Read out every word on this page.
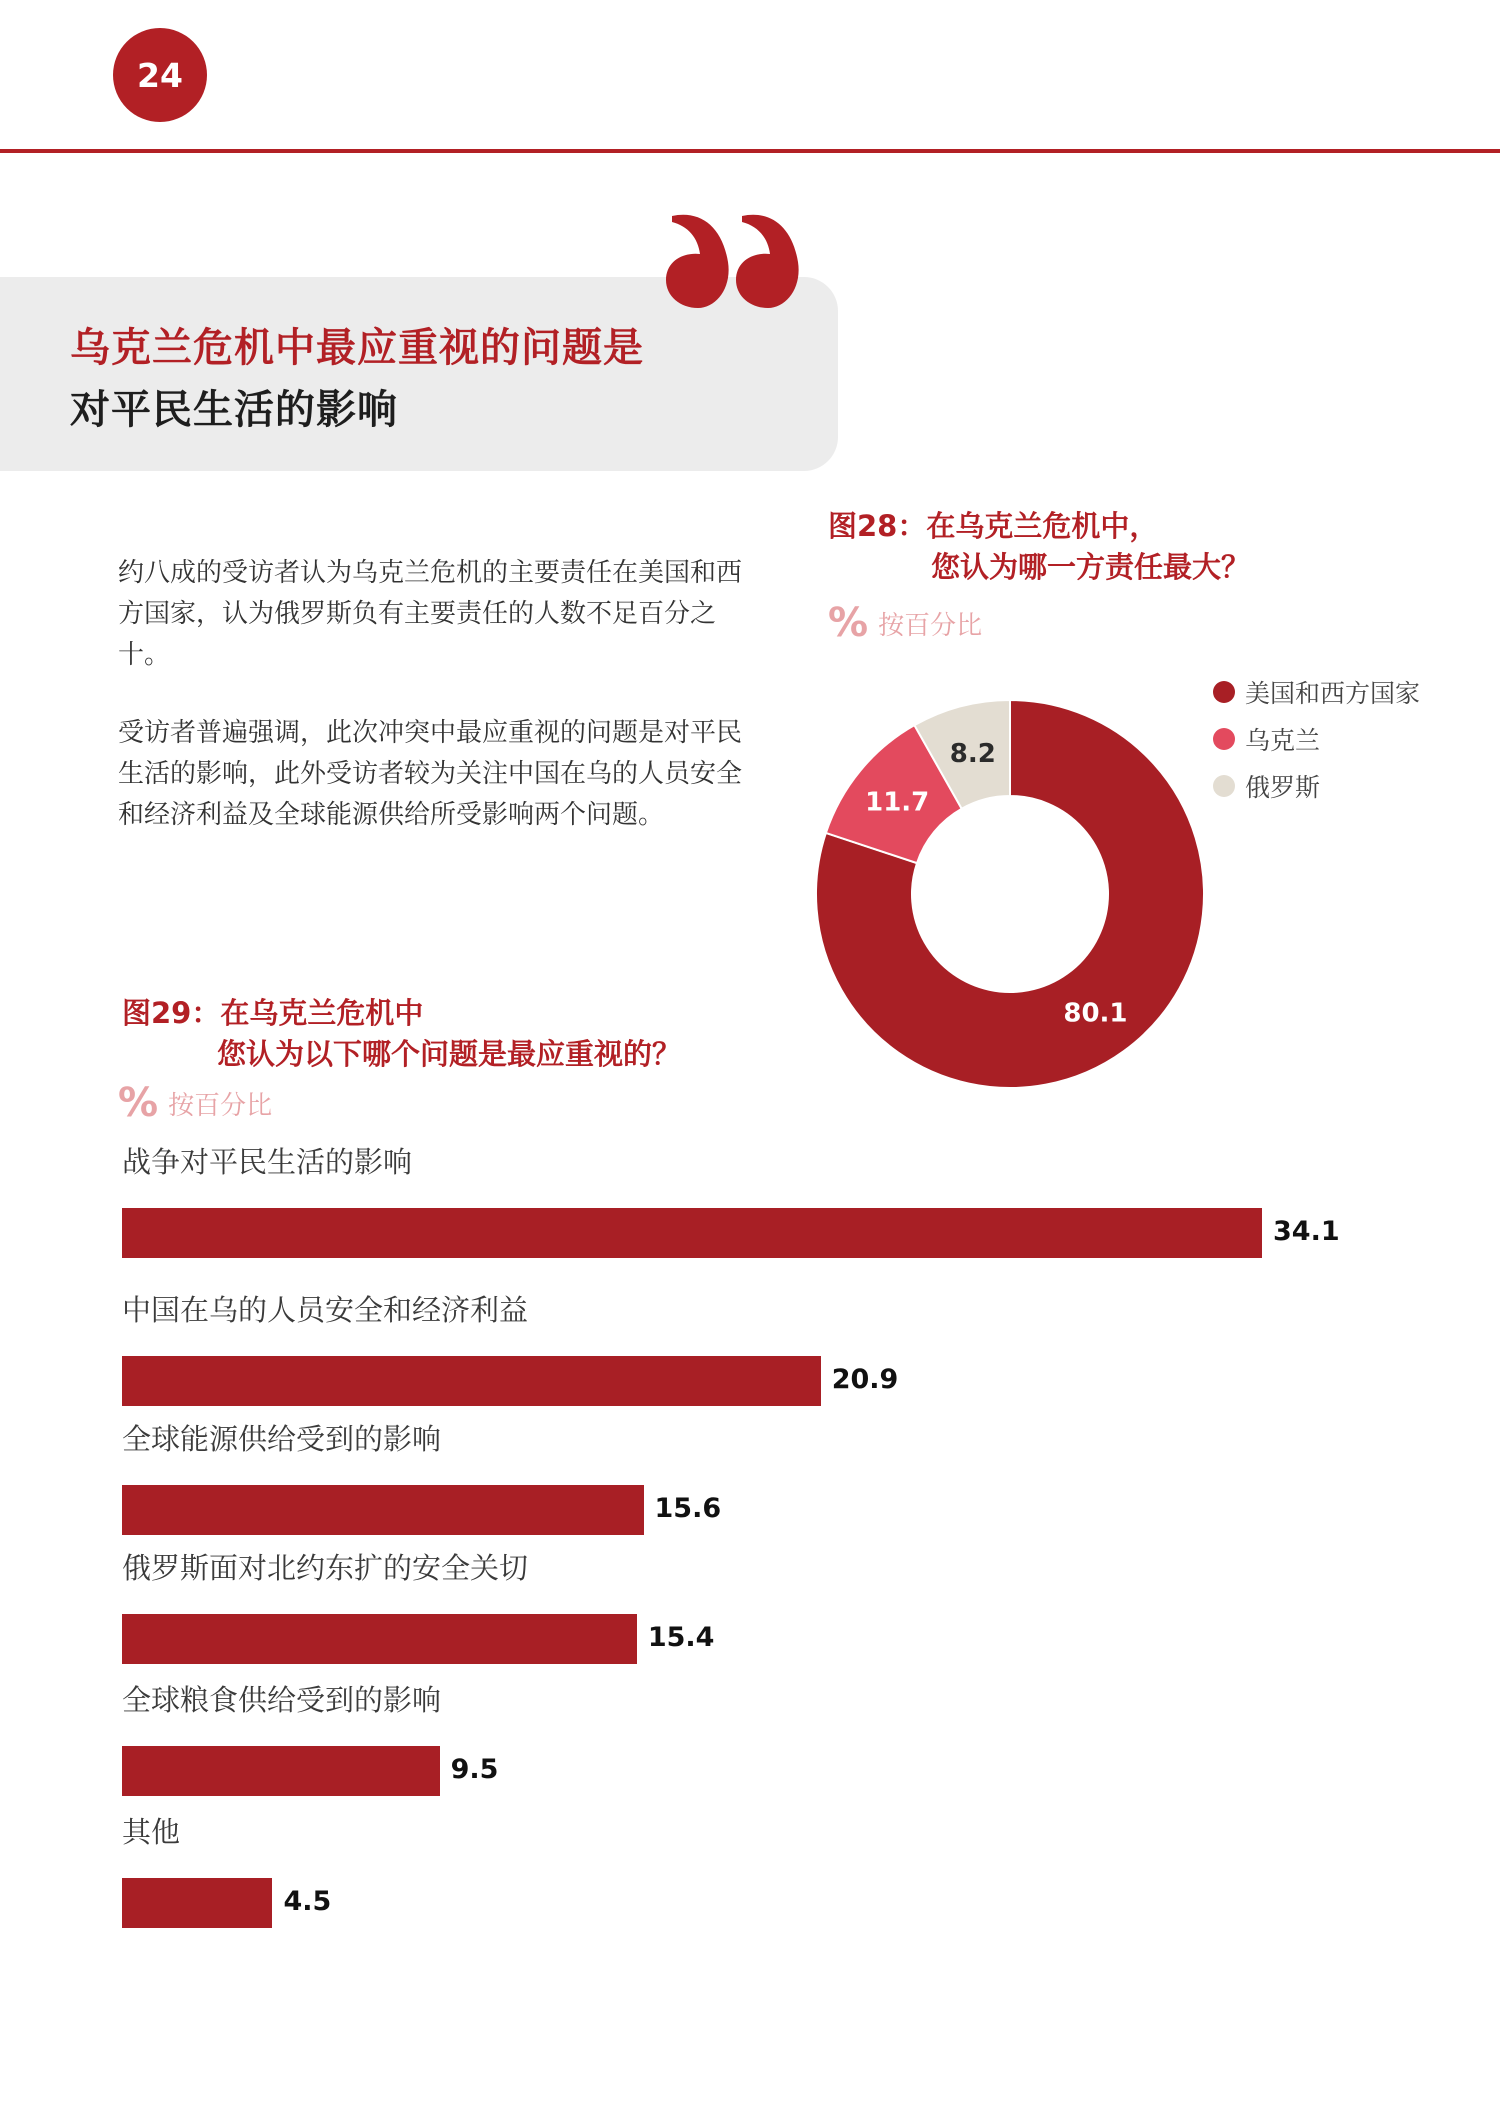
24
乌克兰危机中最应重视的问题是
对平民生活的影响
约八成的受访者认为乌克兰危机的主要责任在美国和西方国家，认为俄罗斯负有主要责任的人数不足百分之十。
受访者普遍强调，此次冲突中最应重视的问题是对平民生活的影响，此外受访者较为关注中国在乌的人员安全和经济利益及全球能源供给所受影响两个问题。
图28：在乌克兰危机中，
您认为哪一方责任最大？
% 按百分比
80.1
11.7
8.2
美国和西方国家
乌克兰
俄罗斯
图29：在乌克兰危机中
您认为以下哪个问题是最应重视的？
% 按百分比
战争对平民生活的影响
34.1
中国在乌的人员安全和经济利益
20.9
全球能源供给受到的影响
15.6
俄罗斯面对北约东扩的安全关切
15.4
全球粮食供给受到的影响
9.5
其他
4.5
